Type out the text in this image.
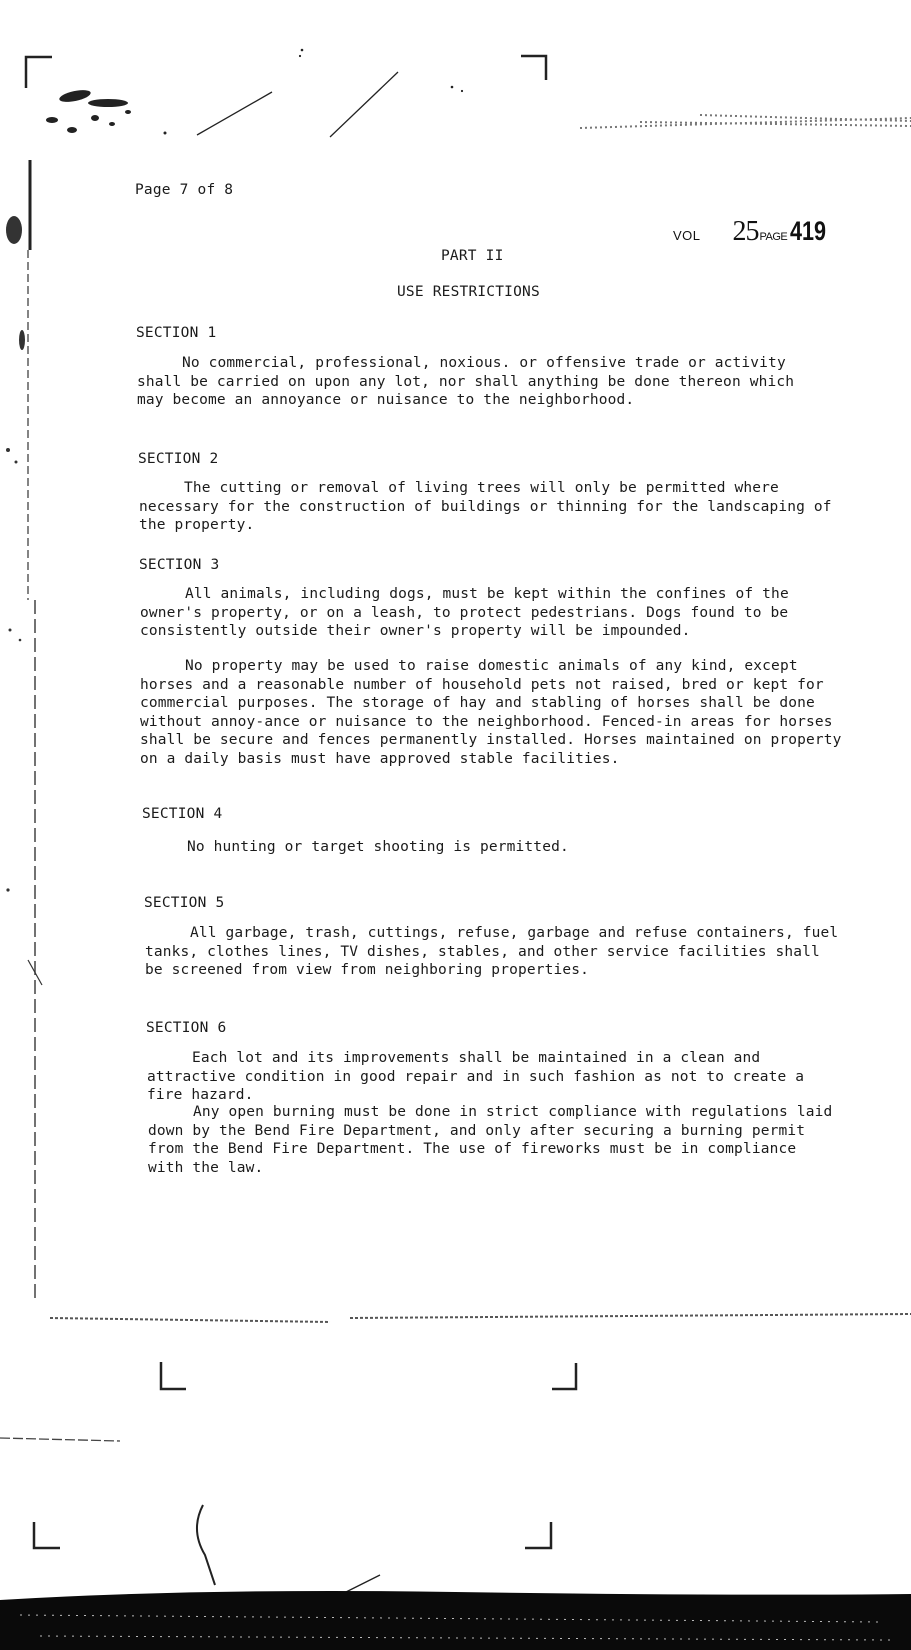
Page 7 of 8
VOL 25 PAGE 419
PART II
USE RESTRICTIONS
SECTION 1
No commercial, professional, noxious. or offensive trade or activity shall be carried on upon any lot, nor shall anything be done thereon which may become an annoyance or nuisance to the neighborhood.
SECTION 2
The cutting or removal of living trees will only be permitted where necessary for the construction of buildings or thinning for the landscaping of the property.
SECTION 3
All animals, including dogs, must be kept within the confines of the owner's property, or on a leash, to protect pedestrians. Dogs found to be consistently outside their owner's property will be impounded.
No property may be used to raise domestic animals of any kind, except horses and a reasonable number of household pets not raised, bred or kept for commercial purposes. The storage of hay and stabling of horses shall be done without annoy-ance or nuisance to the neighborhood. Fenced-in areas for horses shall be secure and fences permanently installed. Horses maintained on property on a daily basis must have approved stable facilities.
SECTION 4
No hunting or target shooting is permitted.
SECTION 5
All garbage, trash, cuttings, refuse, garbage and refuse containers, fuel tanks, clothes lines, TV dishes, stables, and other service facilities shall be screened from view from neighboring properties.
SECTION 6
Each lot and its improvements shall be maintained in a clean and attractive condition in good repair and in such fashion as not to create a fire hazard.
Any open burning must be done in strict compliance with regulations laid down by the Bend Fire Department, and only after securing a burning permit from the Bend Fire Department. The use of fireworks must be in compliance with the law.
